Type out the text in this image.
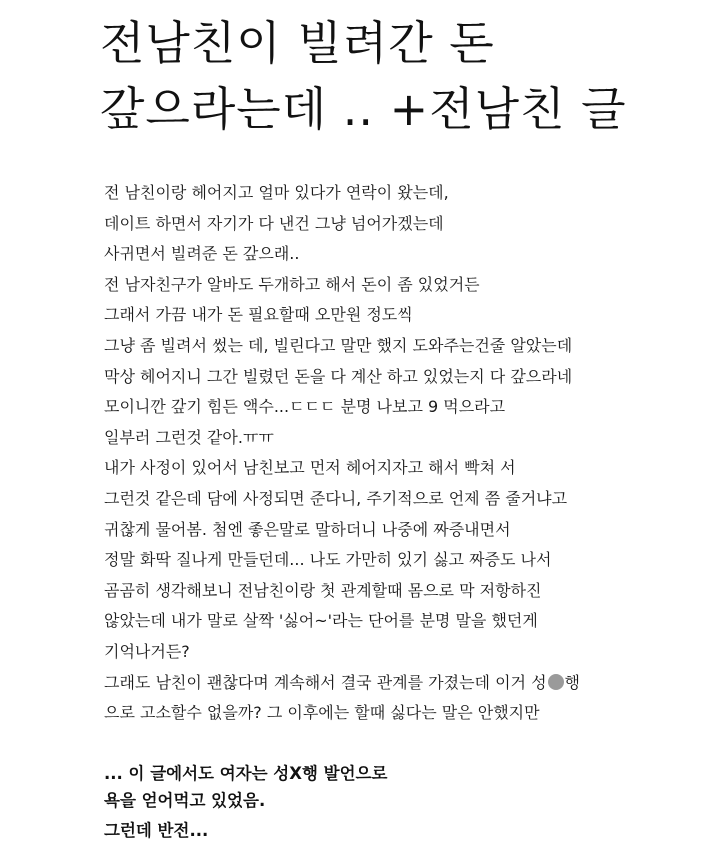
전남친이 빌려간 돈
갚으라는데 .. +전남친 글
전 남친이랑 헤어지고 얼마 있다가 연락이 왔는데,
데이트 하면서 자기가 다 낸건 그냥 넘어가겠는데
사귀면서 빌려준 돈 갚으래..
전 남자친구가 알바도 두개하고 해서 돈이 좀 있었거든
그래서 가끔 내가 돈 필요할때 오만원 정도씩
그냥 좀 빌려서 썼는 데, 빌린다고 말만 했지 도와주는건줄 알았는데
막상 헤어지니 그간 빌렸던 돈을 다 계산 하고 있었는지 다 갚으라네
모이니깐 갚기 힘든 액수...ㄷㄷㄷ 분명 나보고 9 먹으라고
일부러 그런것 같아.ㅠㅠ
내가 사정이 있어서 남친보고 먼저 헤어지자고 해서 빡쳐 서
그런것 같은데 담에 사정되면 준다니, 주기적으로 언제 쯤 줄거냐고
귀찮게 물어봄. 첨엔 좋은말로 말하더니 나중에 짜증내면서
정말 화딱 질나게 만들던데... 나도 가만히 있기 싫고 짜증도 나서
곰곰히 생각해보니 전남친이랑 첫 관계할때 몸으로 막 저항하진
않았는데 내가 말로 살짝 '싫어~'라는 단어를 분명 말을 했던게
기억나거든?
그래도 남친이 괜찮다며 계속해서 결국 관계를 가졌는데 이거 성 행
으로 고소할수 없을까? 그 이후에는 할때 싫다는 말은 안했지만
... 이 글에서도 여자는 성X행 발언으로
욕을 얻어먹고 있었음.

그런데 반전...
